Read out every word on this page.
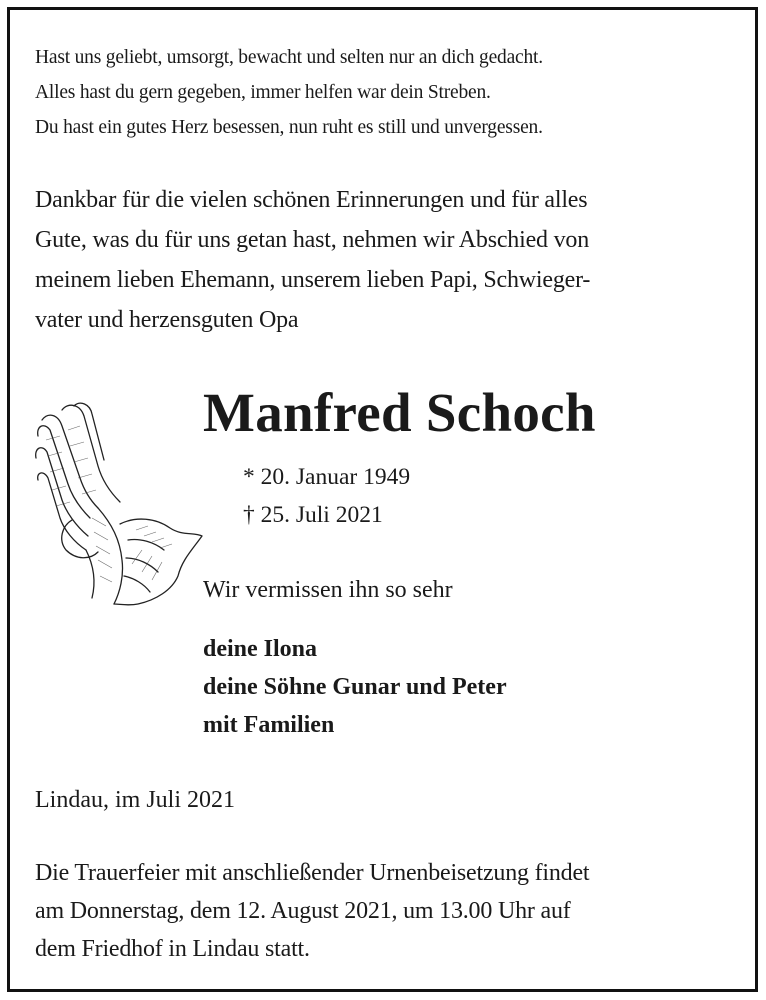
Hast uns geliebt, umsorgt, bewacht und selten nur an dich gedacht.
Alles hast du gern gegeben, immer helfen war dein Streben.
Du hast ein gutes Herz besessen, nun ruht es still und unvergessen.
Dankbar für die vielen schönen Erinnerungen und für alles
Gute, was du für uns getan hast, nehmen wir Abschied von
meinem lieben Ehemann, unserem lieben Papi, Schwieger-
vater und herzensguten Opa
Manfred Schoch
* 20. Januar 1949
† 25. Juli 2021
Wir vermissen ihn so sehr
deine Ilona
deine Söhne Gunar und Peter
mit Familien
Lindau, im Juli 2021
Die Trauerfeier mit anschließender Urnenbeisetzung findet
am Donnerstag, dem 12. August 2021, um 13.00 Uhr auf
dem Friedhof in Lindau statt.
